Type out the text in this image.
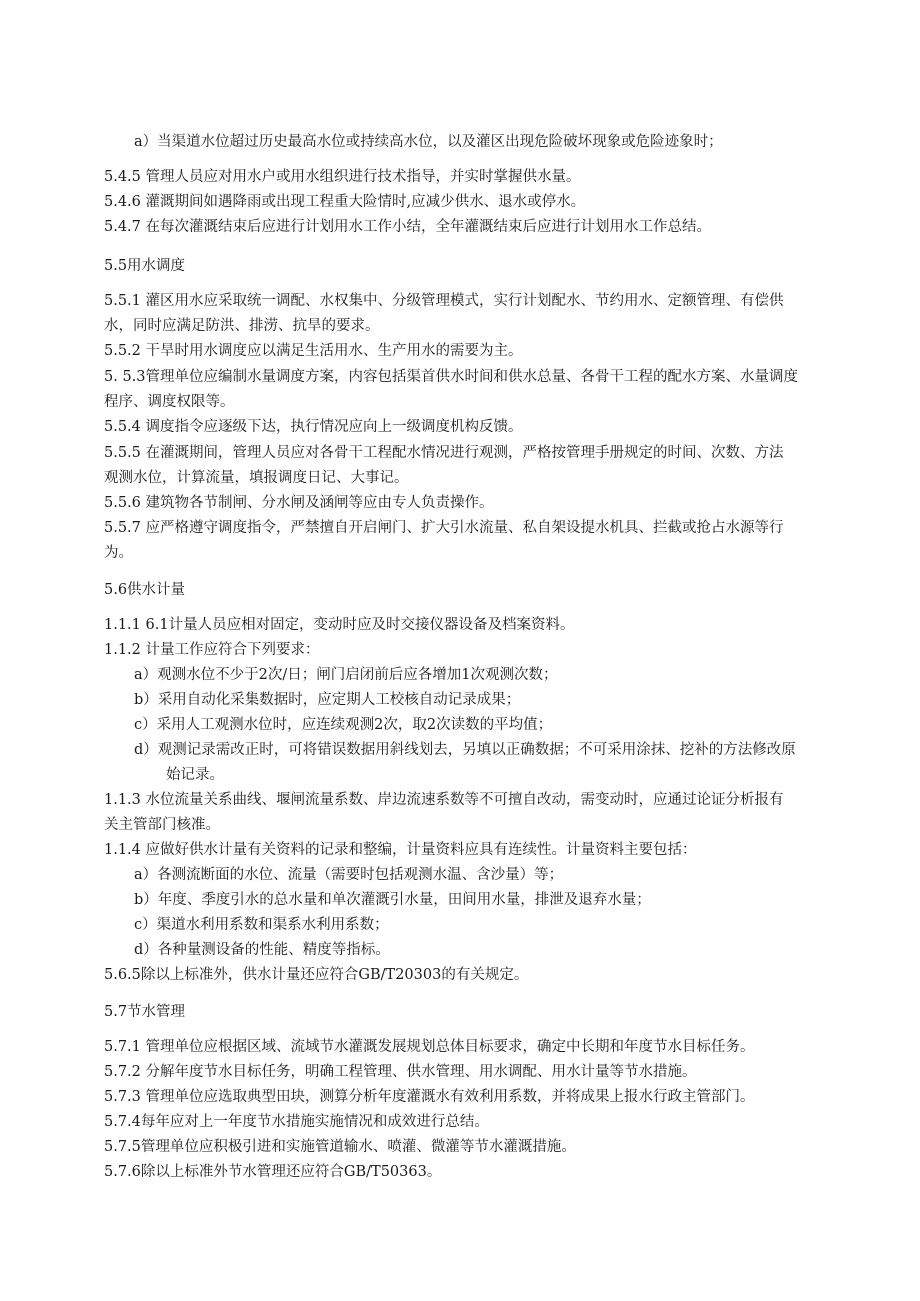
a）当渠道水位超过历史最高水位或持续高水位，以及灌区出现危险破坏现象或危险迹象时；
5.4.5 管理人员应对用水户或用水组织进行技术指导，并实时掌握供水量。
5.4.6 灌溉期间如遇降雨或出现工程重大险情时,应减少供水、退水或停水。
5.4.7 在每次灌溉结束后应进行计划用水工作小结，全年灌溉结束后应进行计划用水工作总结。
5.5用水调度
5.5.1 灌区用水应采取统一调配、水权集中、分级管理模式，实行计划配水、节约用水、定额管理、有偿供
水，同时应满足防洪、排涝、抗旱的要求。
5.5.2 干旱时用水调度应以满足生活用水、生产用水的需要为主。
5. 5.3管理单位应编制水量调度方案，内容包括渠首供水时间和供水总量、各骨干工程的配水方案、水量调度
程序、调度权限等。
5.5.4 调度指令应逐级下达，执行情况应向上一级调度机构反馈。
5.5.5 在灌溉期间，管理人员应对各骨干工程配水情况进行观测，严格按管理手册规定的时间、次数、方法
观测水位，计算流量，填报调度日记、大事记。
5.5.6 建筑物各节制闸、分水闸及涵闸等应由专人负责操作。
5.5.7 应严格遵守调度指令，严禁擅自开启闸门、扩大引水流量、私自架设提水机具、拦截或抢占水源等行
为。
5.6供水计量
1.1.1 6.1计量人员应相对固定，变动时应及时交接仪器设备及档案资料。
1.1.2 计量工作应符合下列要求：
a）观测水位不少于2次/日；闸门启闭前后应各增加1次观测次数；
b）采用自动化采集数据时，应定期人工校核自动记录成果；
c）采用人工观测水位时，应连续观测2次，取2次读数的平均值；
d）观测记录需改正时，可将错误数据用斜线划去，另填以正确数据；不可采用涂抹、挖补的方法修改原
始记录。
1.1.3 水位流量关系曲线、堰闸流量系数、岸边流速系数等不可擅自改动，需变动时，应通过论证分析报有
关主管部门核准。
1.1.4 应做好供水计量有关资料的记录和整编，计量资料应具有连续性。计量资料主要包括：
a）各测流断面的水位、流量（需要时包括观测水温、含沙量）等；
b）年度、季度引水的总水量和单次灌溉引水量，田间用水量，排泄及退弃水量；
c）渠道水利用系数和渠系水利用系数；
d）各种量测设备的性能、精度等指标。
5.6.5除以上标准外，供水计量还应符合GB/T20303的有关规定。
5.7节水管理
5.7.1 管理单位应根据区域、流域节水灌溉发展规划总体目标要求，确定中长期和年度节水目标任务。
5.7.2 分解年度节水目标任务，明确工程管理、供水管理、用水调配、用水计量等节水措施。
5.7.3 管理单位应选取典型田块，测算分析年度灌溉水有效利用系数，并将成果上报水行政主管部门。
5.7.4每年应对上一年度节水措施实施情况和成效进行总结。
5.7.5管理单位应积极引进和实施管道输水、喷灌、微灌等节水灌溉措施。
5.7.6除以上标准外节水管理还应符合GB/T50363。
